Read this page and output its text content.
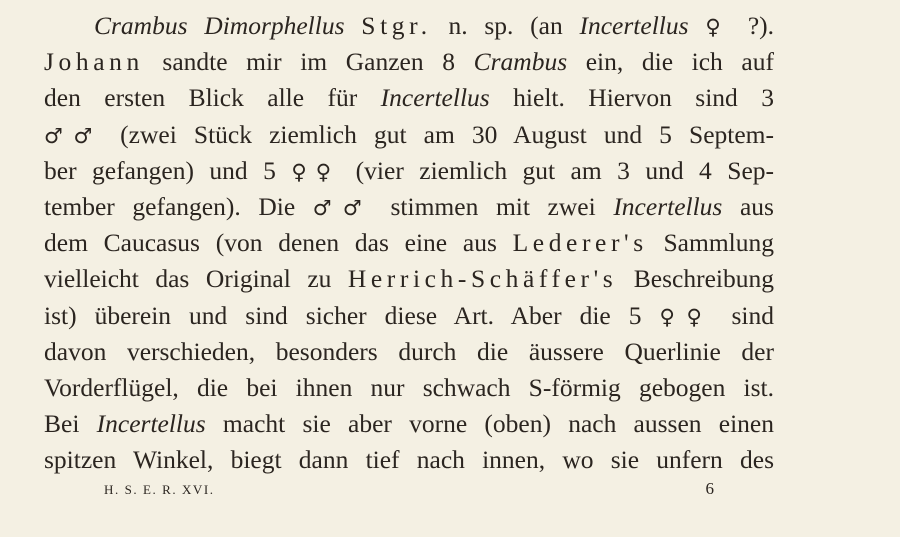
Crambus Dimorphellus Stgr. n. sp. (an Incertellus ♀ ?).
Johann sandte mir im Ganzen 8 Crambus ein, die ich auf
den ersten Blick alle für Incertellus hielt. Hiervon sind 3
♂♂ (zwei Stück ziemlich gut am 30 August und 5 Septem-
ber gefangen) und 5 ♀♀ (vier ziemlich gut am 3 und 4 Sep-
tember gefangen). Die ♂♂ stimmen mit zwei Incertellus aus
dem Caucasus (von denen das eine aus Lederer's Sammlung
vielleicht das Original zu Herrich-Schäffer's Beschreibung
ist) überein und sind sicher diese Art. Aber die 5 ♀♀ sind
davon verschieden, besonders durch die äussere Querlinie der
Vorderflügel, die bei ihnen nur schwach S-förmig gebogen ist.
Bei Incertellus macht sie aber vorne (oben) nach aussen einen
spitzen Winkel, biegt dann tief nach innen, wo sie unfern des
H. S. E. R. XVI.	6
